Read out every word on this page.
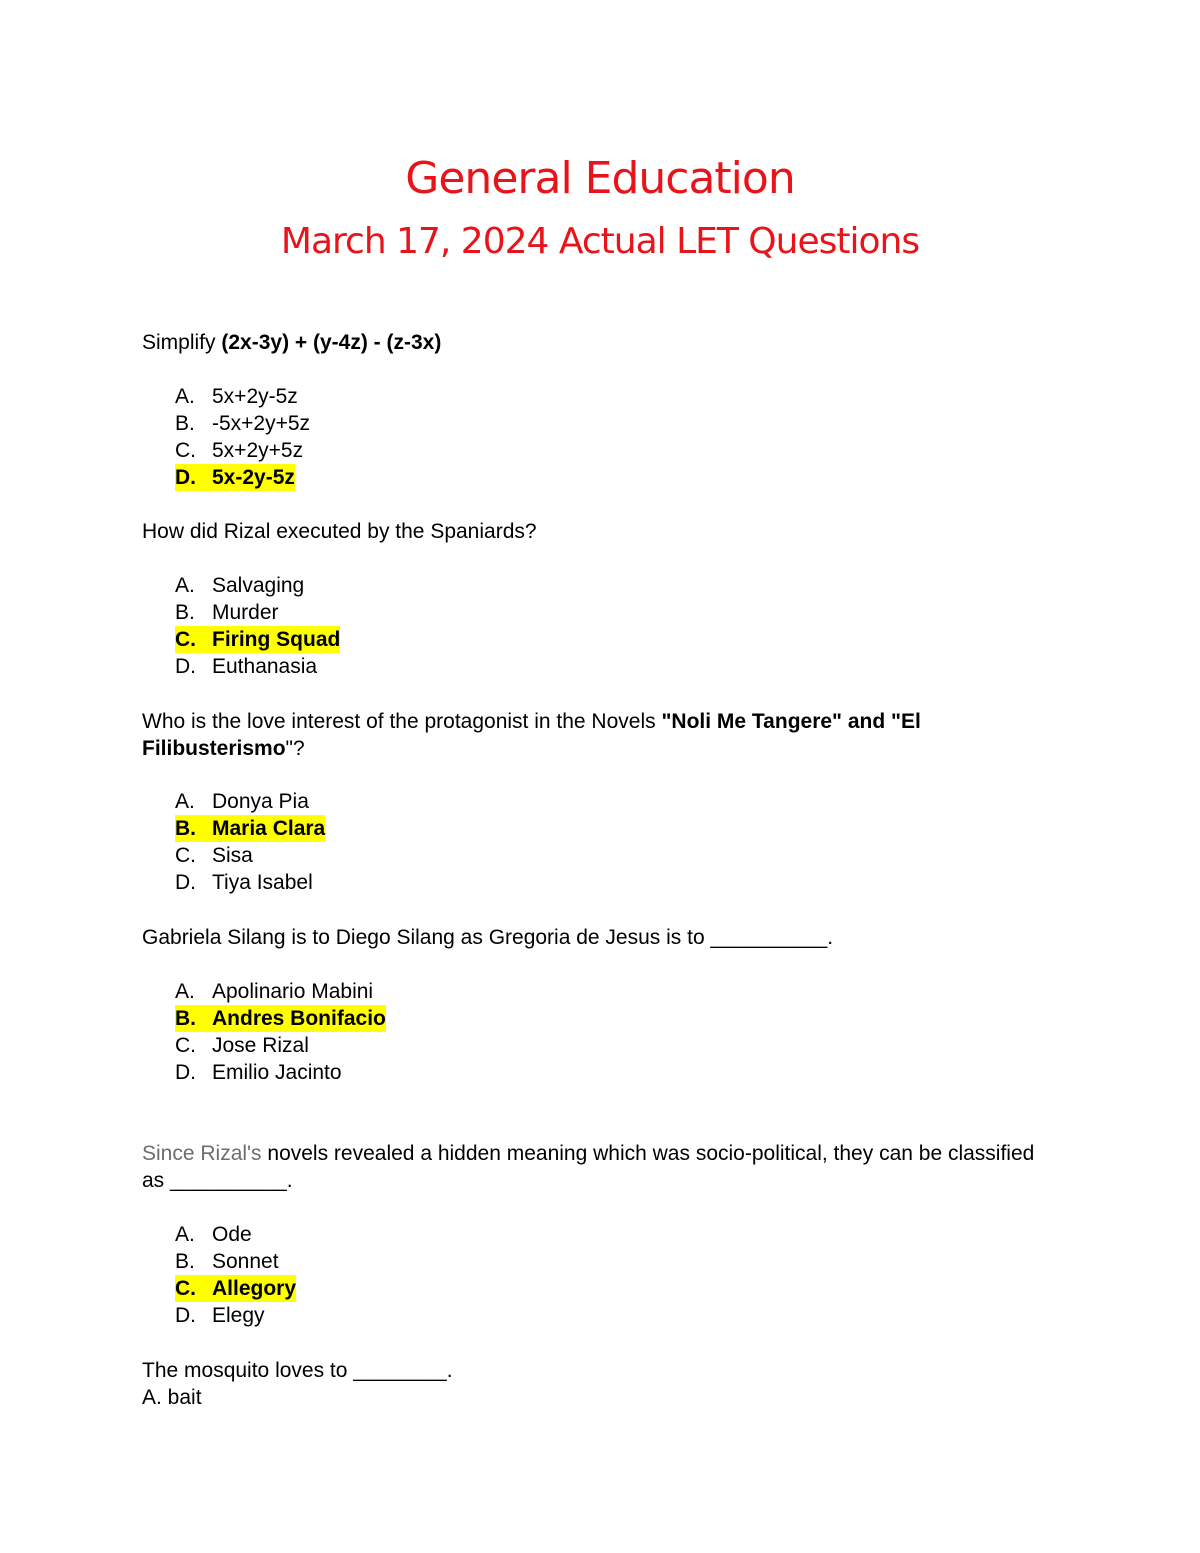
General Education
March 17, 2024 Actual LET Questions

Simplify (2x-3y) + (y-4z) - (z-3x)

A. 5x+2y-5z
B. -5x+2y+5z
C. 5x+2y+5z
D. 5x-2y-5z

How did Rizal executed by the Spaniards?

A. Salvaging
B. Murder
C. Firing Squad
D. Euthanasia

Who is the love interest of the protagonist in the Novels "Noli Me Tangere" and "El Filibusterismo"?

A. Donya Pia
B. Maria Clara
C. Sisa
D. Tiya Isabel

Gabriela Silang is to Diego Silang as Gregoria de Jesus is to __________.

A. Apolinario Mabini
B. Andres Bonifacio
C. Jose Rizal
D. Emilio Jacinto

Since Rizal's novels revealed a hidden meaning which was socio-political, they can be classified as __________.

A. Ode
B. Sonnet
C. Allegory
D. Elegy

The mosquito loves to ________.

A. bait
